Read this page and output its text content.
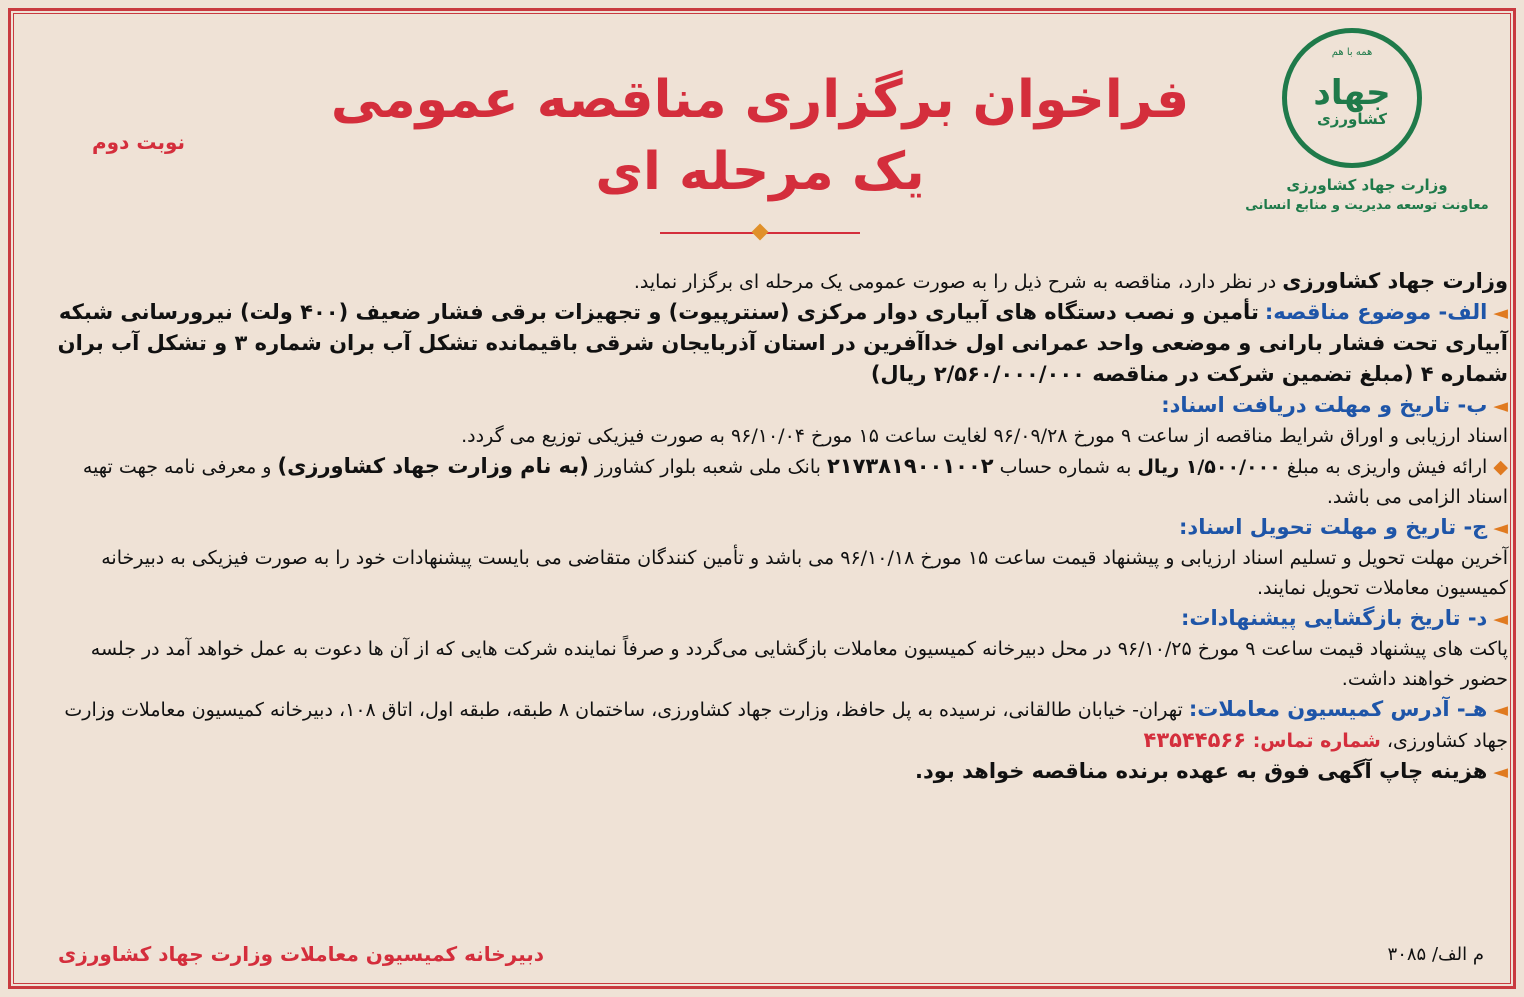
همه با هم
جهاد
کشاورزی
وزارت جهاد کشاورزی
معاونت توسعه مدیریت و منابع انسانی
فراخوان برگزاری مناقصه عمومی
یک مرحله ای
نوبت دوم

وزارت جهاد کشاورزی در نظر دارد، مناقصه به شرح ذیل را به صورت عمومی یک مرحله ای برگزار نماید.

◄ الف- موضوع مناقصه: تأمین و نصب دستگاه های آبیاری دوار مرکزی (سنترپیوت) و تجهیزات برقی فشار ضعیف (۴۰۰ ولت) نیرورسانی شبکه آبیاری تحت فشار بارانی و موضعی واحد عمرانی اول خداآفرین در استان آذربایجان شرقی باقیمانده تشکل آب بران شماره ۳ و تشکل آب بران شماره ۴ (مبلغ تضمین شرکت در مناقصه ۲/۵۶۰/۰۰۰/۰۰۰ ریال)

◄ ب- تاریخ و مهلت دریافت اسناد:

اسناد ارزیابی و اوراق شرایط مناقصه از ساعت ۹ مورخ ۹۶/۰۹/۲۸ لغایت ساعت ۱۵ مورخ ۹۶/۱۰/۰۴ به صورت فیزیکی توزیع می گردد.

◆ ارائه فیش واریزی به مبلغ ۱/۵۰۰/۰۰۰ ریال به شماره حساب ۲۱۷۳۸۱۹۰۰۱۰۰۲ بانک ملی شعبه بلوار کشاورز (به نام وزارت جهاد کشاورزی) و معرفی نامه جهت تهیه اسناد الزامی می باشد.

◄ ج- تاریخ و مهلت تحویل اسناد:

آخرین مهلت تحویل و تسلیم اسناد ارزیابی و پیشنهاد قیمت ساعت ۱۵ مورخ ۹۶/۱۰/۱۸ می باشد و تأمین کنندگان متقاضی می بایست پیشنهادات خود را به صورت فیزیکی به دبیرخانه کمیسیون معاملات تحویل نمایند.

◄ د- تاریخ بازگشایی پیشنهادات:

پاکت های پیشنهاد قیمت ساعت ۹ مورخ ۹۶/۱۰/۲۵ در محل دبیرخانه کمیسیون معاملات بازگشایی می‌گردد و صرفاً نماینده شرکت هایی که از آن ها دعوت به عمل خواهد آمد در جلسه حضور خواهند داشت.

◄ هـ- آدرس کمیسیون معاملات: تهران- خیابان طالقانی، نرسیده به پل حافظ، وزارت جهاد کشاورزی، ساختمان ۸ طبقه، طبقه اول، اتاق ۱۰۸، دبیرخانه کمیسیون معاملات وزارت جهاد کشاورزی، شماره تماس: ۴۳۵۴۴۵۶۶

◄ هزینه چاپ آگهی فوق به عهده برنده مناقصه خواهد بود.

دبیرخانه کمیسیون معاملات وزارت جهاد کشاورزی	م الف/ ۳۰۸۵
